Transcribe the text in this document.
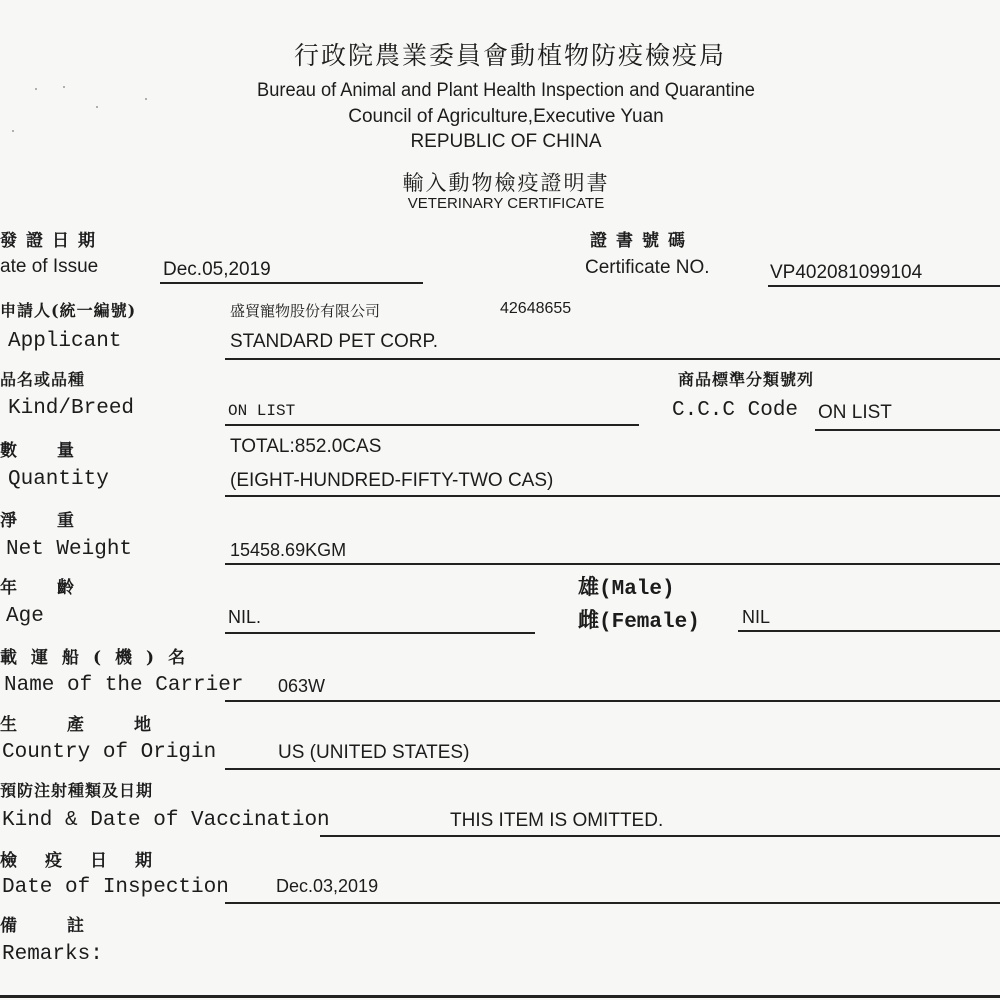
行政院農業委員會動植物防疫檢疫局
Bureau of Animal and Plant Health Inspection and Quarantine
Council of Agriculture,Executive Yuan
REPUBLIC OF CHINA
輸入動物檢疫證明書
VETERINARY CERTIFICATE
發證日期
ate of Issue	Dec.05,2019
證書號碼
Certificate NO.	VP402081099104
申請人(統一編號)	盛貿寵物股份有限公司	42648655
Applicant	STANDARD PET CORP.
品名或品種
Kind/Breed	ON LIST
商品標準分類號列
C.C.C Code ON LIST
數量	TOTAL:852.0CAS
Quantity	(EIGHT-HUNDRED-FIFTY-TWO CAS)
淨重
Net Weight	15458.69KGM
年齡
Age	NIL.
雄(Male)
雌(Female) NIL
載運船(機)名
Name of the Carrier 063W
生產地
Country of Origin	US (UNITED STATES)
預防注射種類及日期
Kind & Date of Vaccination	THIS ITEM IS OMITTED.
檢疫日期
Date of Inspection	Dec.03,2019
備註
Remarks:
